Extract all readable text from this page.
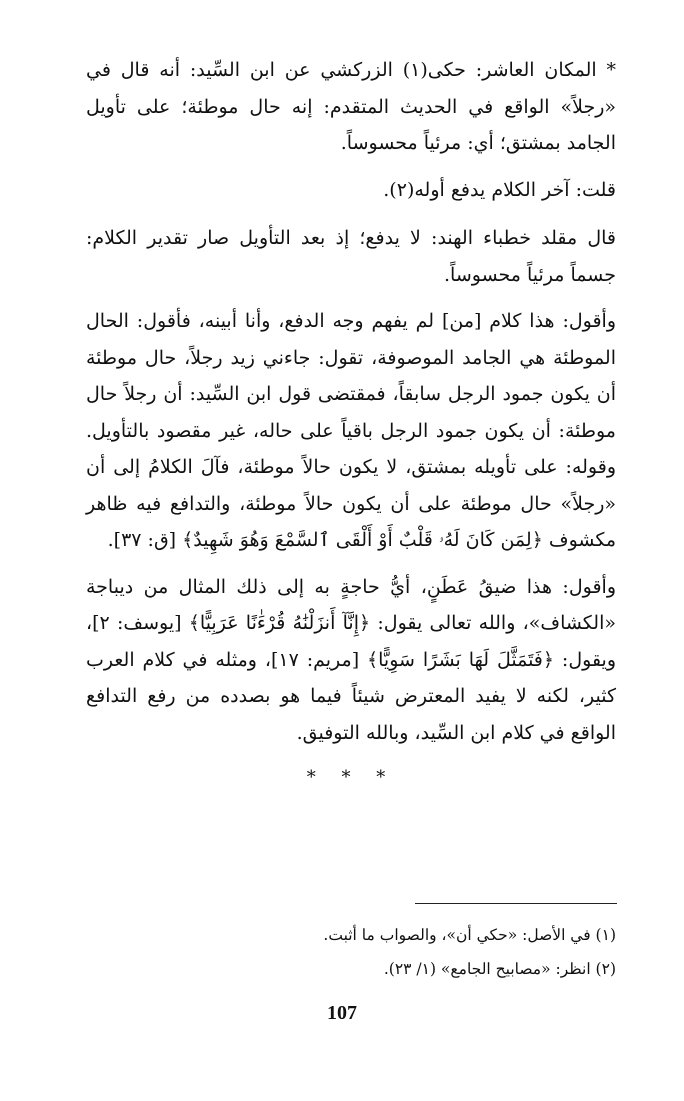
* المكان العاشر: حكى(١) الزركشي عن ابن السِّيد: أنه قال في «رجلاً» الواقع في الحديث المتقدم: إنه حال موطئة؛ على تأويل الجامد بمشتق؛ أي: مرئياً محسوساً.

قلت: آخر الكلام يدفع أوله(٢).

قال مقلد خطباء الهند: لا يدفع؛ إذ بعد التأويل صار تقدير الكلام: جسماً مرئياً محسوساً.

وأقول: هذا كلام [من] لم يفهم وجه الدفع، وأنا أبينه، فأقول: الحال الموطئة هي الجامد الموصوفة، تقول: جاءني زيد رجلاً، حال موطئة أن يكون جمود الرجل سابقاً، فمقتضى قول ابن السِّيد: أن رجلاً حال موطئة: أن يكون جمود الرجل باقياً على حاله، غير مقصود بالتأويل. وقوله: على تأويله بمشتق، لا يكون حالاً موطئة، فآلَ الكلامُ إلى أن «رجلاً» حال موطئة على أن يكون حالاً موطئة، والتدافع فيه ظاهر مكشوف ﴿لِمَن كَانَ لَهُۥ قَلْبٌ أَوْ أَلْقَى ٱلسَّمْعَ وَهُوَ شَهِيدٌ﴾ [ق: ٣٧].

وأقول: هذا ضيقُ عَطَنٍ، أيُّ حاجةٍ به إلى ذلك المثال من ديباجة «الكشاف»، والله تعالى يقول: ﴿إِنَّآ أَنزَلْنَٰهُ قُرْءَٰنًا عَرَبِيًّا﴾ [يوسف: ٢]، ويقول: ﴿فَتَمَثَّلَ لَهَا بَشَرًا سَوِيًّا﴾ [مريم: ١٧]، ومثله في كلام العرب كثير، لكنه لا يفيد المعترض شيئاً فيما هو بصدده من رفع التدافع الواقع في كلام ابن السِّيد، وبالله التوفيق.

* * *

(١) في الأصل: «حكي أن»، والصواب ما أثبت.

(٢) انظر: «مصابيح الجامع» (١/ ٢٣).

107
